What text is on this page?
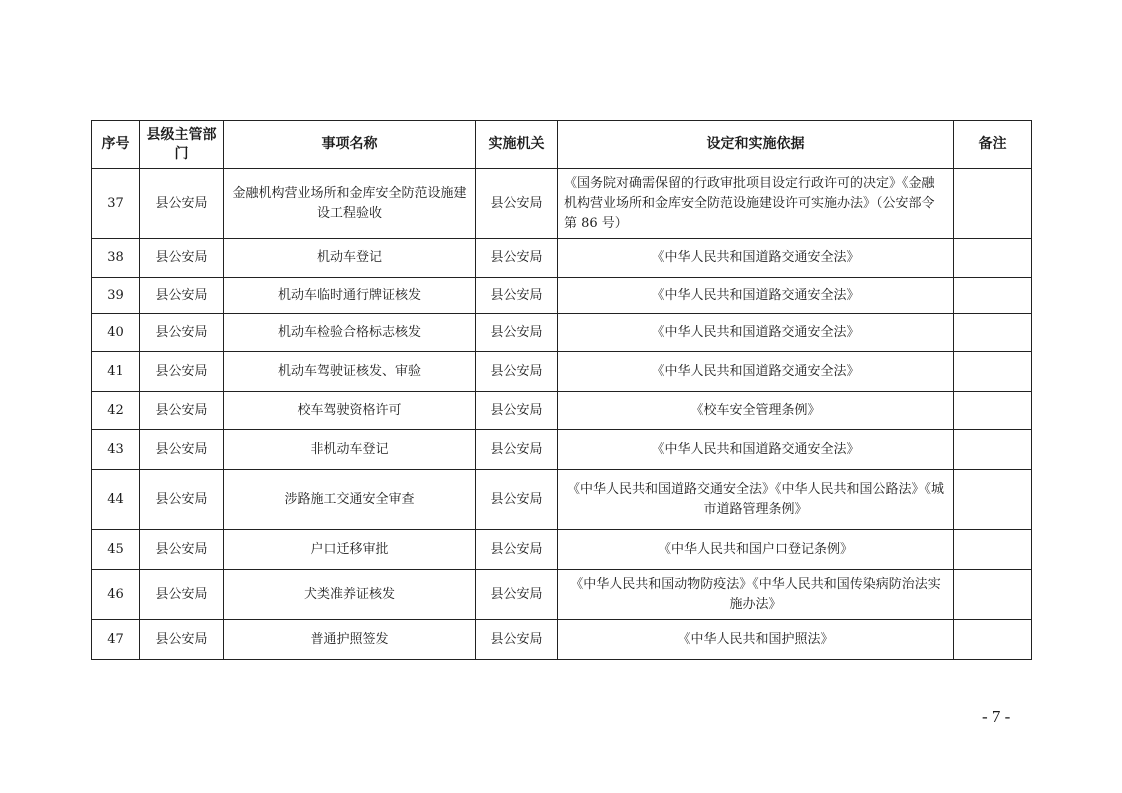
序号	县级主管部门	事项名称	实施机关	设定和实施依据	备注
37	县公安局	金融机构营业场所和金库安全防范设施建设工程验收	县公安局	《国务院对确需保留的行政审批项目设定行政许可的决定》《金融机构营业场所和金库安全防范设施建设许可实施办法》（公安部令第 86 号）	
38	县公安局	机动车登记	县公安局	《中华人民共和国道路交通安全法》	
39	县公安局	机动车临时通行牌证核发	县公安局	《中华人民共和国道路交通安全法》	
40	县公安局	机动车检验合格标志核发	县公安局	《中华人民共和国道路交通安全法》	
41	县公安局	机动车驾驶证核发、审验	县公安局	《中华人民共和国道路交通安全法》	
42	县公安局	校车驾驶资格许可	县公安局	《校车安全管理条例》	
43	县公安局	非机动车登记	县公安局	《中华人民共和国道路交通安全法》	
44	县公安局	涉路施工交通安全审查	县公安局	《中华人民共和国道路交通安全法》《中华人民共和国公路法》《城市道路管理条例》	
45	县公安局	户口迁移审批	县公安局	《中华人民共和国户口登记条例》	
46	县公安局	犬类准养证核发	县公安局	《中华人民共和国动物防疫法》《中华人民共和国传染病防治法实施办法》	
47	县公安局	普通护照签发	县公安局	《中华人民共和国护照法》	
- 7 -
